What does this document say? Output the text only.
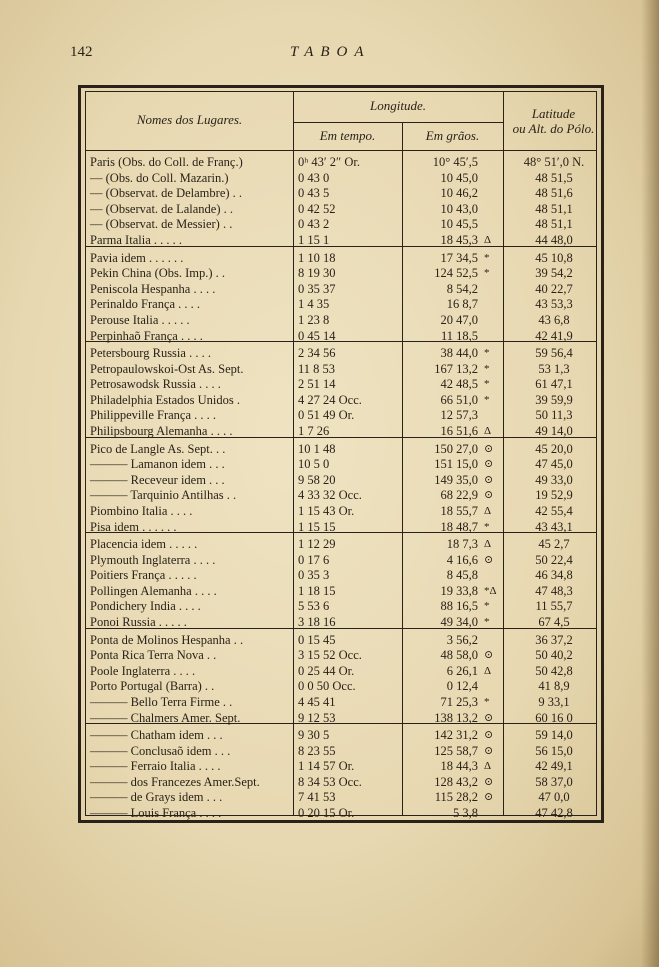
142	TABOA
Nomes dos Lugares.
Longitude.
Em tempo.	Em grãos.
Latitude
ou Alt. do Pólo.
Paris (Obs. do Coll. de Franç.)	0ʰ 43′ 2″ Or.	10° 45′,5	48° 51′,0 N.
— (Obs. do Coll. Mazarin.)	0 43 0	10 45,0	48 51,5
— (Observat. de Delambre) . .	0 43 5	10 46,2	48 51,6
— (Observat. de Lalande) . .	0 42 52	10 43,0	48 51,1
— (Observat. de Messier) . .	0 43 2	10 45,5	48 51,1
Parma Italia . . . . .	1 15 1	18 45,3 Δ	44 48,0
Pavia idem . . . . . .	1 10 18	17 34,5 *	45 10,8
Pekin China (Obs. Imp.) . .	8 19 30	124 52,5 *	39 54,2
Peniscola Hespanha . . . .	0 35 37	8 54,2	40 22,7
Perinaldo França . . . .	1 4 35	16 8,7	43 53,3
Perouse Italia . . . . .	1 23 8	20 47,0	43 6,8
Perpinhaõ França . . . .	0 45 14	11 18,5	42 41,9
Petersbourg Russia . . . .	2 34 56	38 44,0 *	59 56,4
Petropaulowskoi-Ost As. Sept.	11 8 53	167 13,2 *	53 1,3
Petrosawodsk Russia . . . .	2 51 14	42 48,5 *	61 47,1
Philadelphia Estados Unidos .	4 27 24 Occ.	66 51,0 *	39 59,9
Philippeville França . . . .	0 51 49 Or.	12 57,3	50 11,3
Philipsbourg Alemanha . . . .	1 7 26	16 51,6 Δ	49 14,0
Pico de Langle As. Sept. . .	10 1 48	150 27,0 ⊙	45 20,0
——— Lamanon idem . . .	10 5 0	151 15,0 ⊙	47 45,0
——— Receveur idem . . .	9 58 20	149 35,0 ⊙	49 33,0
——— Tarquinio Antilhas . .	4 33 32 Occ.	68 22,9 ⊙	19 52,9
Piombino Italia . . . .	1 15 43 Or.	18 55,7 Δ	42 55,4
Pisa idem . . . . . .	1 15 15	18 48,7 *	43 43,1
Placencia idem . . . . .	1 12 29	18 7,3 Δ	45 2,7
Plymouth Inglaterra . . . .	0 17 6	4 16,6 ⊙	50 22,4
Poitiers França . . . . .	0 35 3	8 45,8	46 34,8
Pollingen Alemanha . . . .	1 18 15	19 33,8 *Δ	47 48,3
Pondichery India . . . .	5 53 6	88 16,5 *	11 55,7
Ponoi Russia . . . . .	3 18 16	49 34,0 *	67 4,5
Ponta de Molinos Hespanha . .	0 15 45	3 56,2	36 37,2
Ponta Rica Terra Nova . .	3 15 52 Occ.	48 58,0 ⊙	50 40,2
Poole Inglaterra . . . .	0 25 44 Or.	6 26,1 Δ	50 42,8
Porto Portugal (Barra) . .	0 0 50 Occ.	0 12,4	41 8,9
——— Bello Terra Firme . .	4 45 41	71 25,3 *	9 33,1
——— Chalmers Amer. Sept.	9 12 53	138 13,2 ⊙	60 16 0
——— Chatham idem . . .	9 30 5	142 31,2 ⊙	59 14,0
——— Conclusaõ idem . . .	8 23 55	125 58,7 ⊙	56 15,0
——— Ferraio Italia . . . .	1 14 57 Or.	18 44,3 Δ	42 49,1
——— dos Francezes Amer.Sept.	8 34 53 Occ.	128 43,2 ⊙	58 37,0
——— de Grays idem . . .	7 41 53	115 28,2 ⊙	47 0,0
——— Louis França . . . .	0 20 15 Or.	5 3,8	47 42,8
